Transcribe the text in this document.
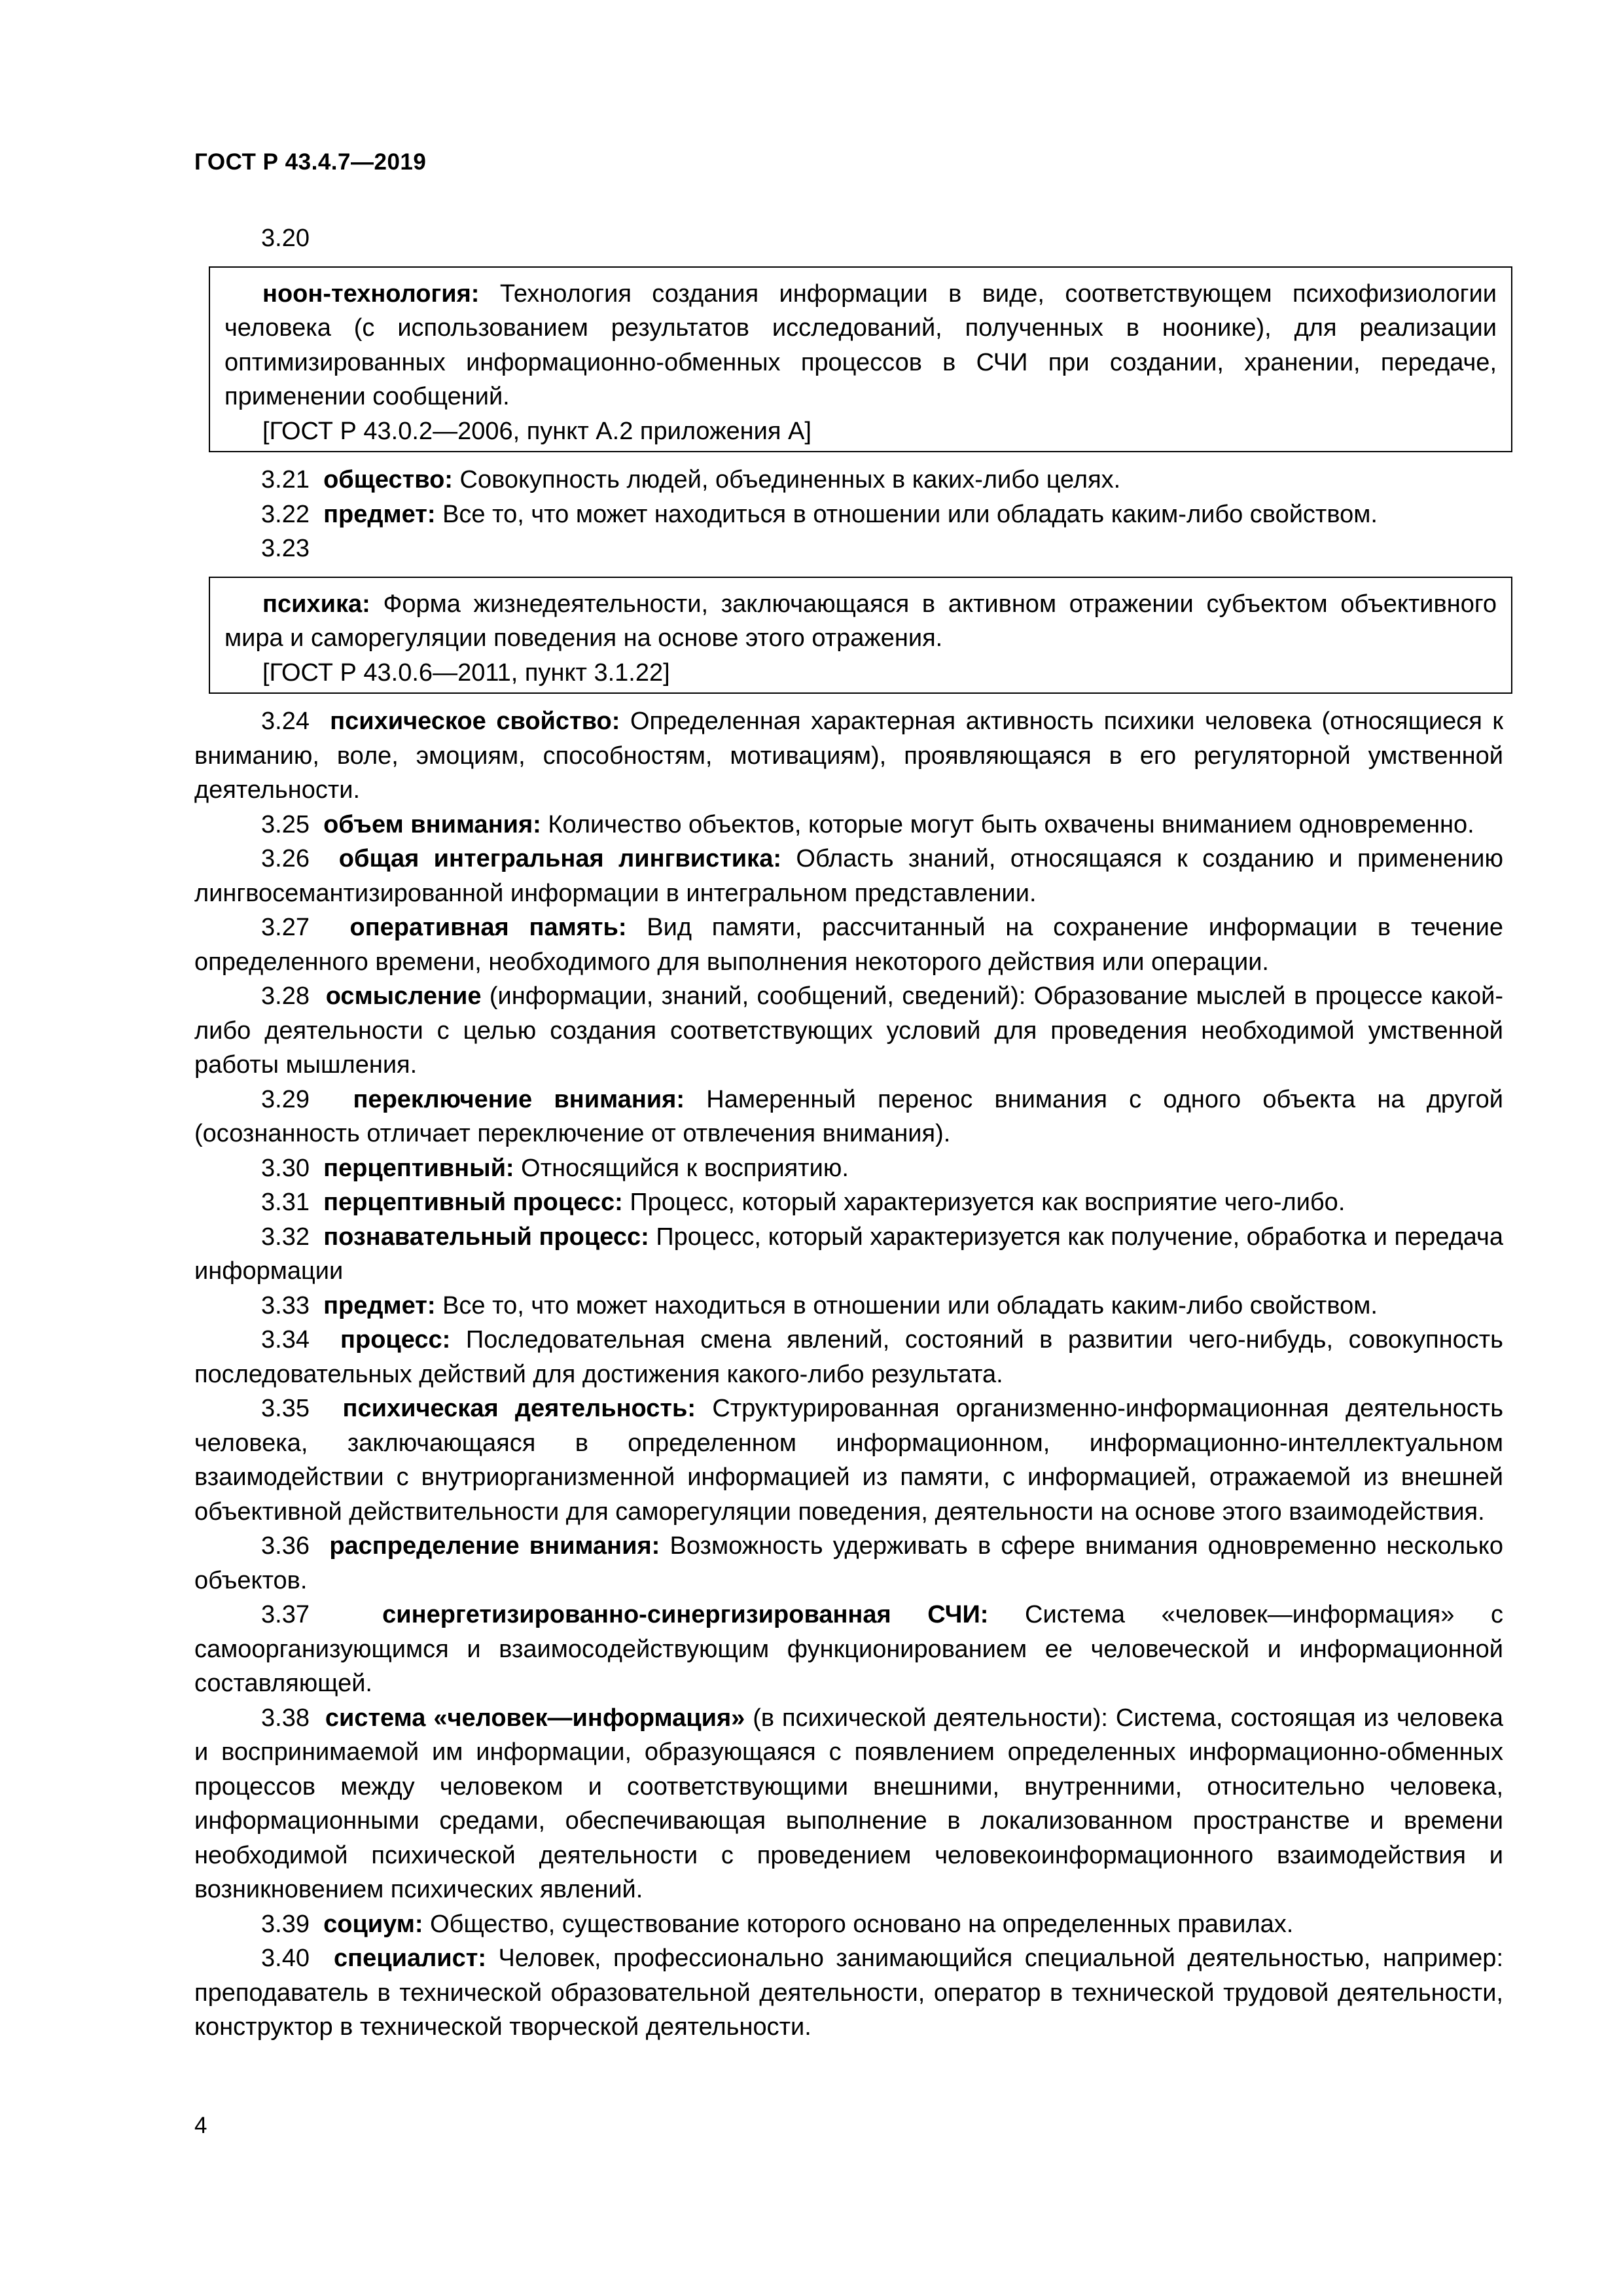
ГОСТ Р 43.4.7—2019

3.20

ноон-технология: Технология создания информации в виде, соответствующем психофизиологии человека (с использованием результатов исследований, полученных в ноонике), для реализации оптимизированных информационно-обменных процессов в СЧИ при создании, хранении, передаче, применении сообщений.

[ГОСТ Р 43.0.2—2006, пункт А.2 приложения А]

3.21 общество: Совокупность людей, объединенных в каких-либо целях.

3.22 предмет: Все то, что может находиться в отношении или обладать каким-либо свойством.

3.23

психика: Форма жизнедеятельности, заключающаяся в активном отражении субъектом объективного мира и саморегуляции поведения на основе этого отражения.

[ГОСТ Р 43.0.6—2011, пункт 3.1.22]

3.24 психическое свойство: Определенная характерная активность психики человека (относящиеся к вниманию, воле, эмоциям, способностям, мотивациям), проявляющаяся в его регуляторной умственной деятельности.

3.25 объем внимания: Количество объектов, которые могут быть охвачены вниманием одновременно.

3.26 общая интегральная лингвистика: Область знаний, относящаяся к созданию и применению лингвосемантизированной информации в интегральном представлении.

3.27 оперативная память: Вид памяти, рассчитанный на сохранение информации в течение определенного времени, необходимого для выполнения некоторого действия или операции.

3.28 осмысление (информации, знаний, сообщений, сведений): Образование мыслей в процессе какой-либо деятельности с целью создания соответствующих условий для проведения необходимой умственной работы мышления.

3.29 переключение внимания: Намеренный перенос внимания с одного объекта на другой (осознанность отличает переключение от отвлечения внимания).

3.30 перцептивный: Относящийся к восприятию.

3.31 перцептивный процесс: Процесс, который характеризуется как восприятие чего-либо.

3.32 познавательный процесс: Процесс, который характеризуется как получение, обработка и передача информации

3.33 предмет: Все то, что может находиться в отношении или обладать каким-либо свойством.

3.34 процесс: Последовательная смена явлений, состояний в развитии чего-нибудь, совокупность последовательных действий для достижения какого-либо результата.

3.35 психическая деятельность: Структурированная организменно-информационная деятельность человека, заключающаяся в определенном информационном, информационно-интеллектуальном взаимодействии с внутриорганизменной информацией из памяти, с информацией, отражаемой из внешней объективной действительности для саморегуляции поведения, деятельности на основе этого взаимодействия.

3.36 распределение внимания: Возможность удерживать в сфере внимания одновременно несколько объектов.

3.37	синергетизированно-синергизированная СЧИ: Система «человек—информация» с самоорганизующимся и взаимосодействующим функционированием ее человеческой и информационной составляющей.

3.38 система «человек—информация» (в психической деятельности): Система, состоящая из человека и воспринимаемой им информации, образующаяся с появлением определенных информационно-обменных процессов между человеком и соответствующими внешними, внутренними, относительно человека, информационными средами, обеспечивающая выполнение в локализованном пространстве и времени необходимой психической деятельности с проведением человекоинформационного взаимодействия и возникновением психических явлений.

3.39 социум: Общество, существование которого основано на определенных правилах.

3.40 специалист: Человек, профессионально занимающийся специальной деятельностью, например: преподаватель в технической образовательной деятельности, оператор в технической трудовой деятельности, конструктор в технической творческой деятельности.

4
